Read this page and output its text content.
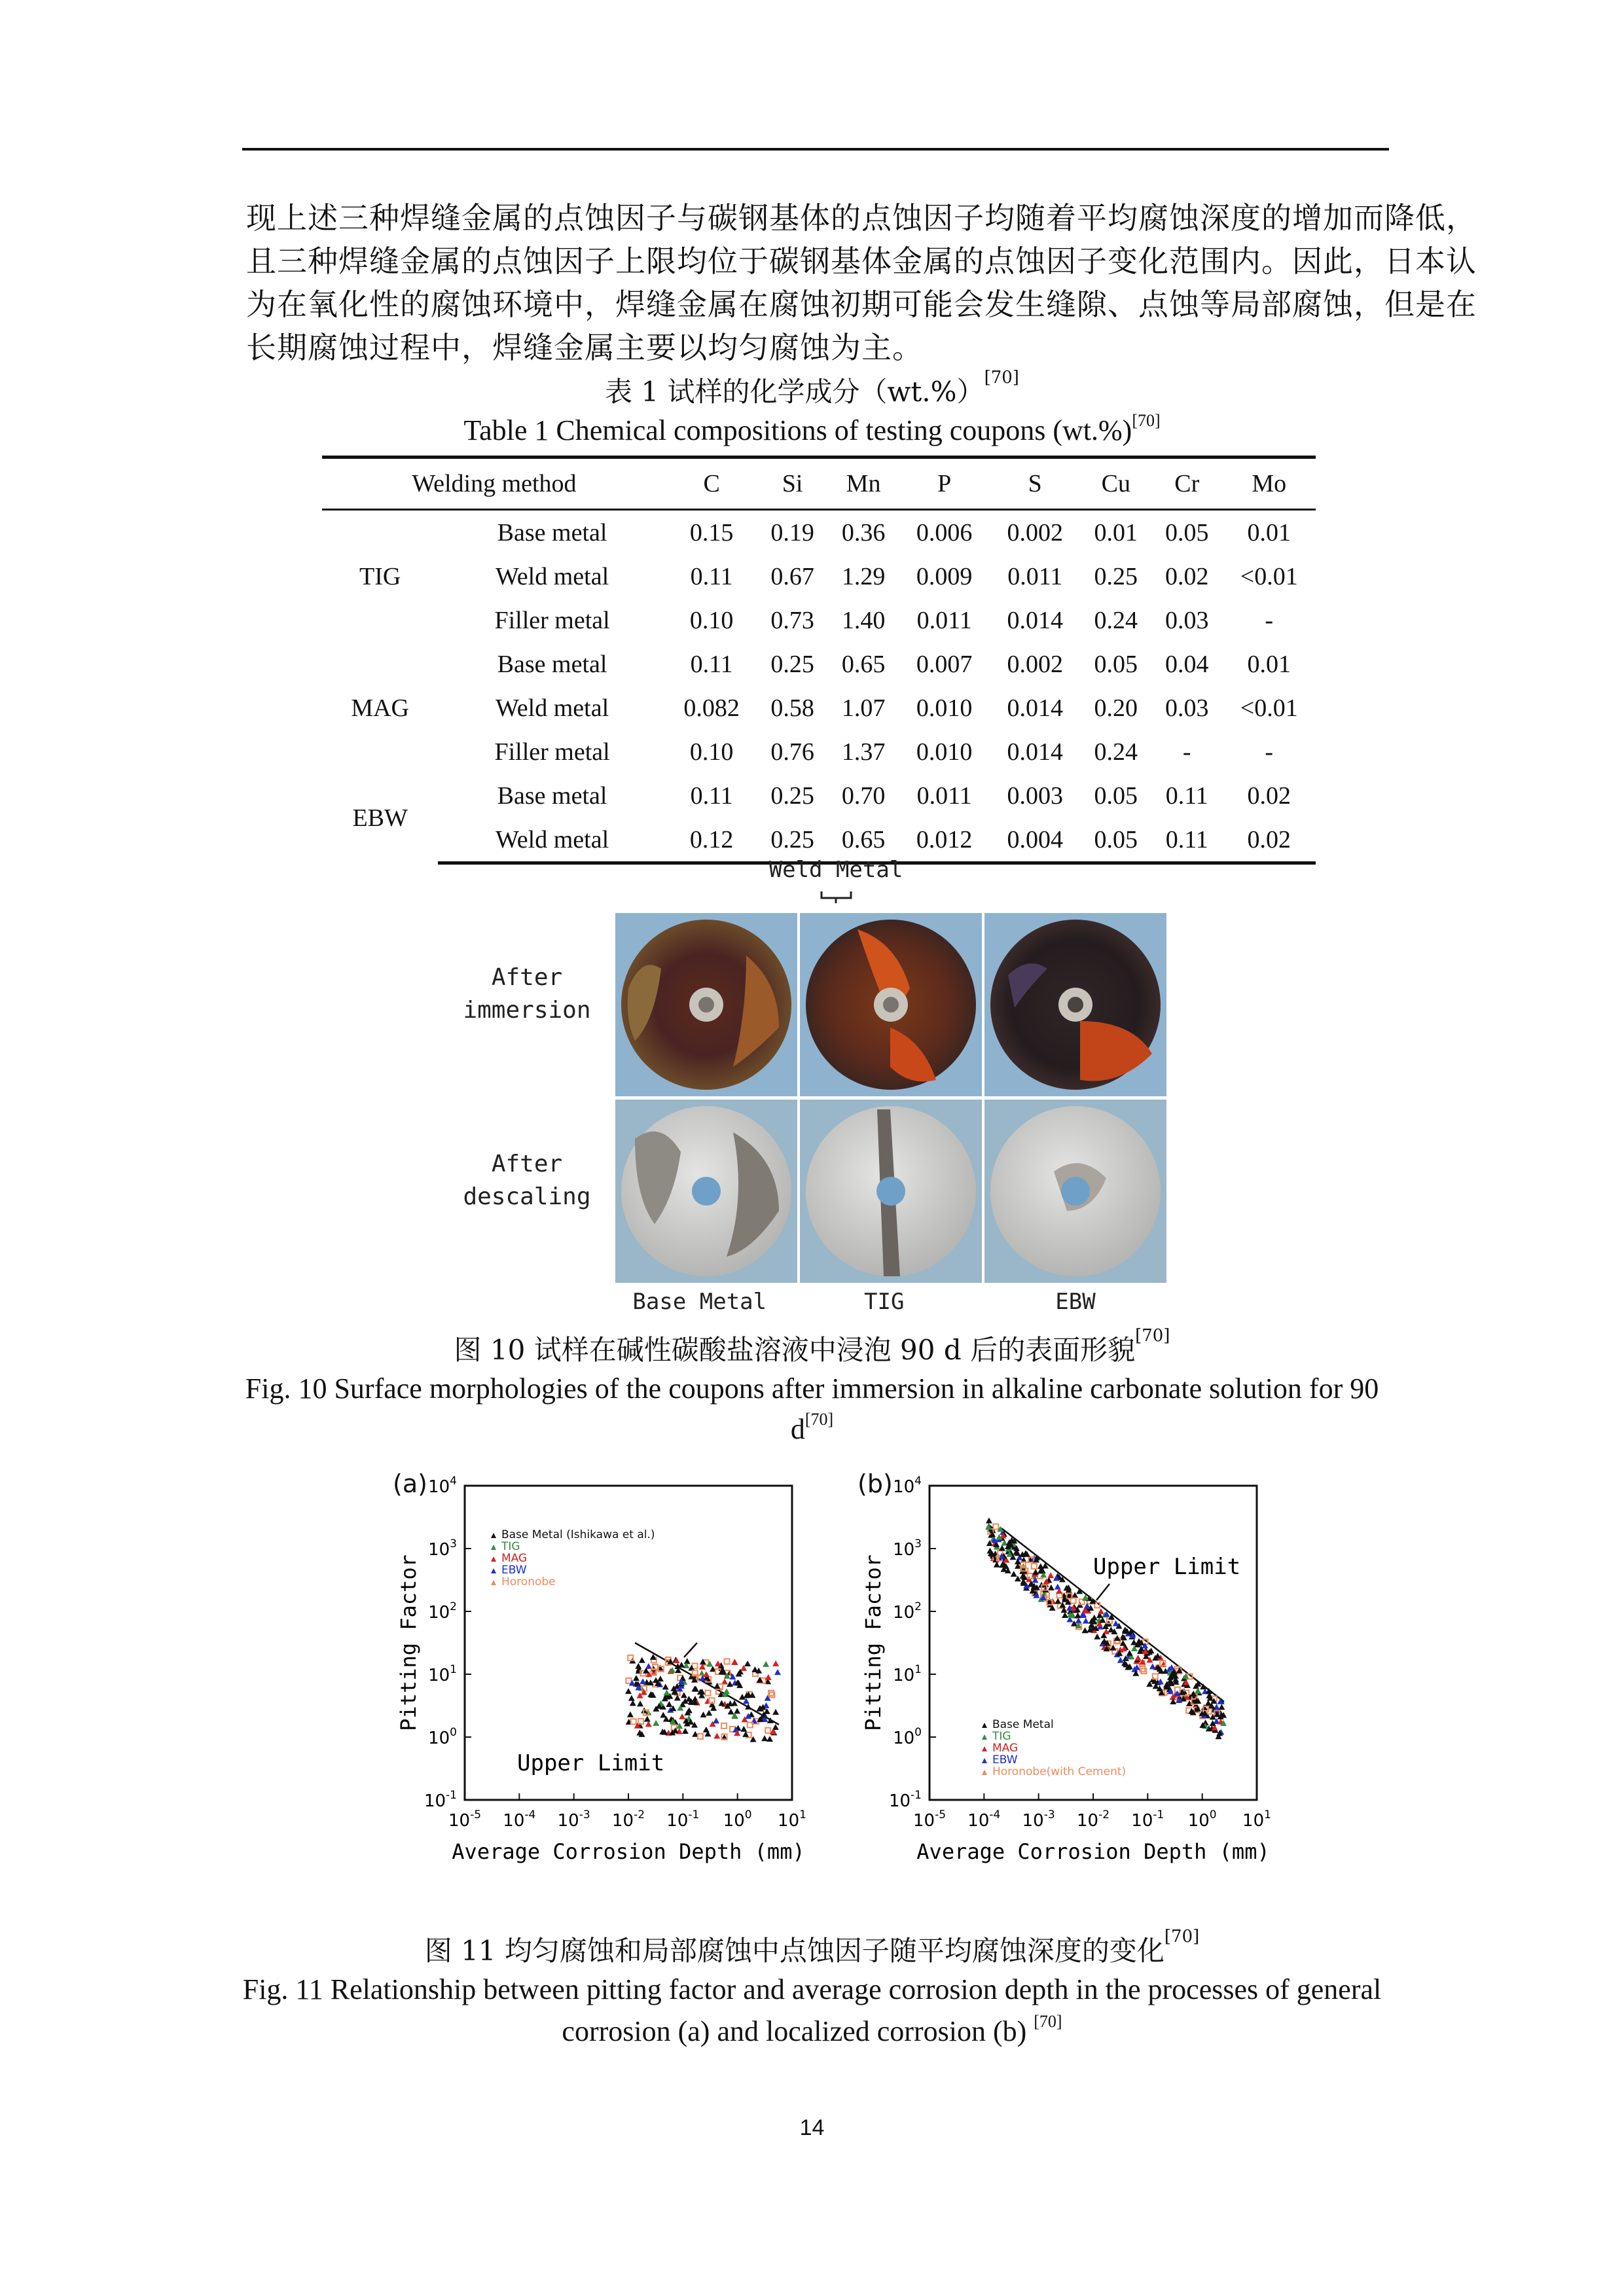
现上述三种焊缝金属的点蚀因子与碳钢基体的点蚀因子均随着平均腐蚀深度的增加而降低，
且三种焊缝金属的点蚀因子上限均位于碳钢基体金属的点蚀因子变化范围内。因此，日本认
为在氧化性的腐蚀环境中，焊缝金属在腐蚀初期可能会发生缝隙、点蚀等局部腐蚀，但是在
长期腐蚀过程中，焊缝金属主要以均匀腐蚀为主。
表 1 试样的化学成分（wt.%）[70]
Table 1 Chemical compositions of testing coupons (wt.%)[70]
Welding method		C	Si	Mn	P	S	Cu	Cr	Mo
TIG	Base metal	0.15	0.19	0.36	0.006	0.002	0.01	0.05	0.01
	Weld metal	0.11	0.67	1.29	0.009	0.011	0.25	0.02	<0.01
	Filler metal	0.10	0.73	1.40	0.011	0.014	0.24	0.03	-
MAG	Base metal	0.11	0.25	0.65	0.007	0.002	0.05	0.04	0.01
	Weld metal	0.082	0.58	1.07	0.010	0.014	0.20	0.03	<0.01
	Filler metal	0.10	0.76	1.37	0.010	0.014	0.24	-	-
EBW	Base metal	0.11	0.25	0.70	0.011	0.003	0.05	0.11	0.02
	Weld metal	0.12	0.25	0.65	0.012	0.004	0.05	0.11	0.02
Weld Metal
After immersion
After descaling
Base Metal	TIG	EBW
图 10 试样在碱性碳酸盐溶液中浸泡 90 d 后的表面形貌[70]
Fig. 10 Surface morphologies of the coupons after immersion in alkaline carbonate solution for 90
d[70]
(a) $10^4$
$10^3$
$10^2$
$10^1$
$10^0$
$10^{-1}$
$10^{-5}$ $10^{-4}$ $10^{-3}$ $10^{-2}$ $10^{-1}$ $10^0$ $10^1$
Average Corrosion Depth (mm)
Pitting Factor
Base Metal (Ishikawa et al.)
TIG
MAG
EBW
Horonobe
Upper Limit
(b) $10^4$
$10^3$
$10^2$
$10^1$
$10^0$
$10^{-1}$
$10^{-5}$ $10^{-4}$ $10^{-3}$ $10^{-2}$ $10^{-1}$ $10^0$ $10^1$
Average Corrosion Depth (mm)
Pitting Factor	Base Metal
TIG
MAG
EBW
Horonobe(with Cement)
Upper Limit
图 11 均匀腐蚀和局部腐蚀中点蚀因子随平均腐蚀深度的变化[70]
Fig. 11 Relationship between pitting factor and average corrosion depth in the processes of general
corrosion (a) and localized corrosion (b) [70]
14
